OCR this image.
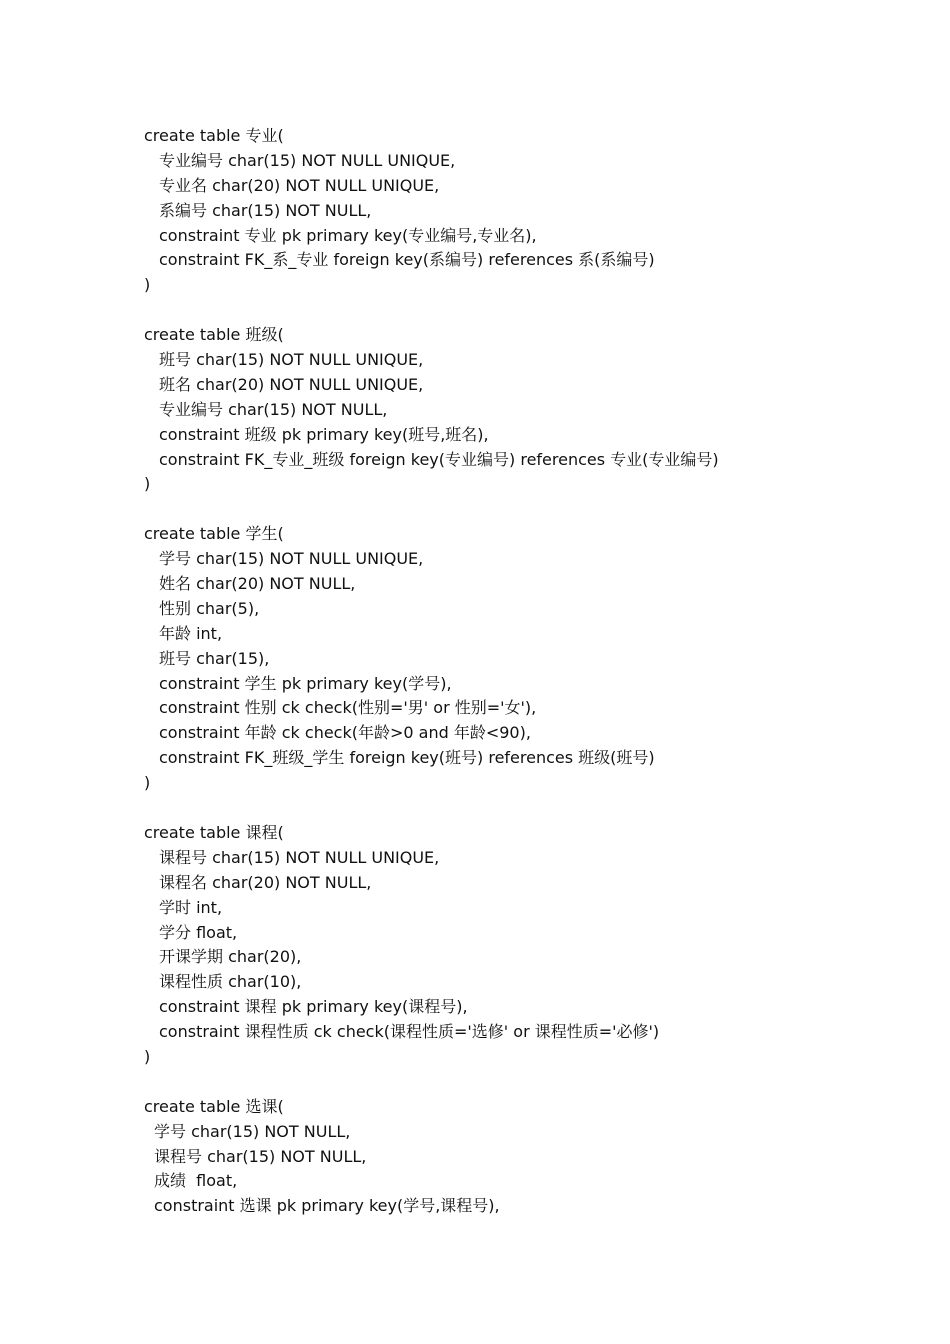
create table 专业(
专业编号 char(15) NOT NULL UNIQUE,
专业名 char(20) NOT NULL UNIQUE,
系编号 char(15) NOT NULL,
constraint 专业 pk primary key(专业编号,专业名),
constraint FK_系_专业 foreign key(系编号) references 系(系编号)
)
create table 班级(
班号 char(15) NOT NULL UNIQUE,
班名 char(20) NOT NULL UNIQUE,
专业编号 char(15) NOT NULL,
constraint 班级 pk primary key(班号,班名),
constraint FK_专业_班级 foreign key(专业编号) references 专业(专业编号)
)
create table 学生(
学号 char(15) NOT NULL UNIQUE,
姓名 char(20) NOT NULL,
性别 char(5),
年龄 int,
班号 char(15),
constraint 学生 pk primary key(学号),
constraint 性别 ck check(性别='男' or 性别='女'),
constraint 年龄 ck check(年龄>0 and 年龄<90),
constraint FK_班级_学生 foreign key(班号) references 班级(班号)
)
create table 课程(
课程号 char(15) NOT NULL UNIQUE,
课程名 char(20) NOT NULL,
学时 int,
学分 float,
开课学期 char(20),
课程性质 char(10),
constraint 课程 pk primary key(课程号),
constraint 课程性质 ck check(课程性质='选修' or 课程性质='必修')
)
create table 选课(
学号 char(15) NOT NULL,
课程号 char(15) NOT NULL,
成绩  float,
constraint 选课 pk primary key(学号,课程号),
